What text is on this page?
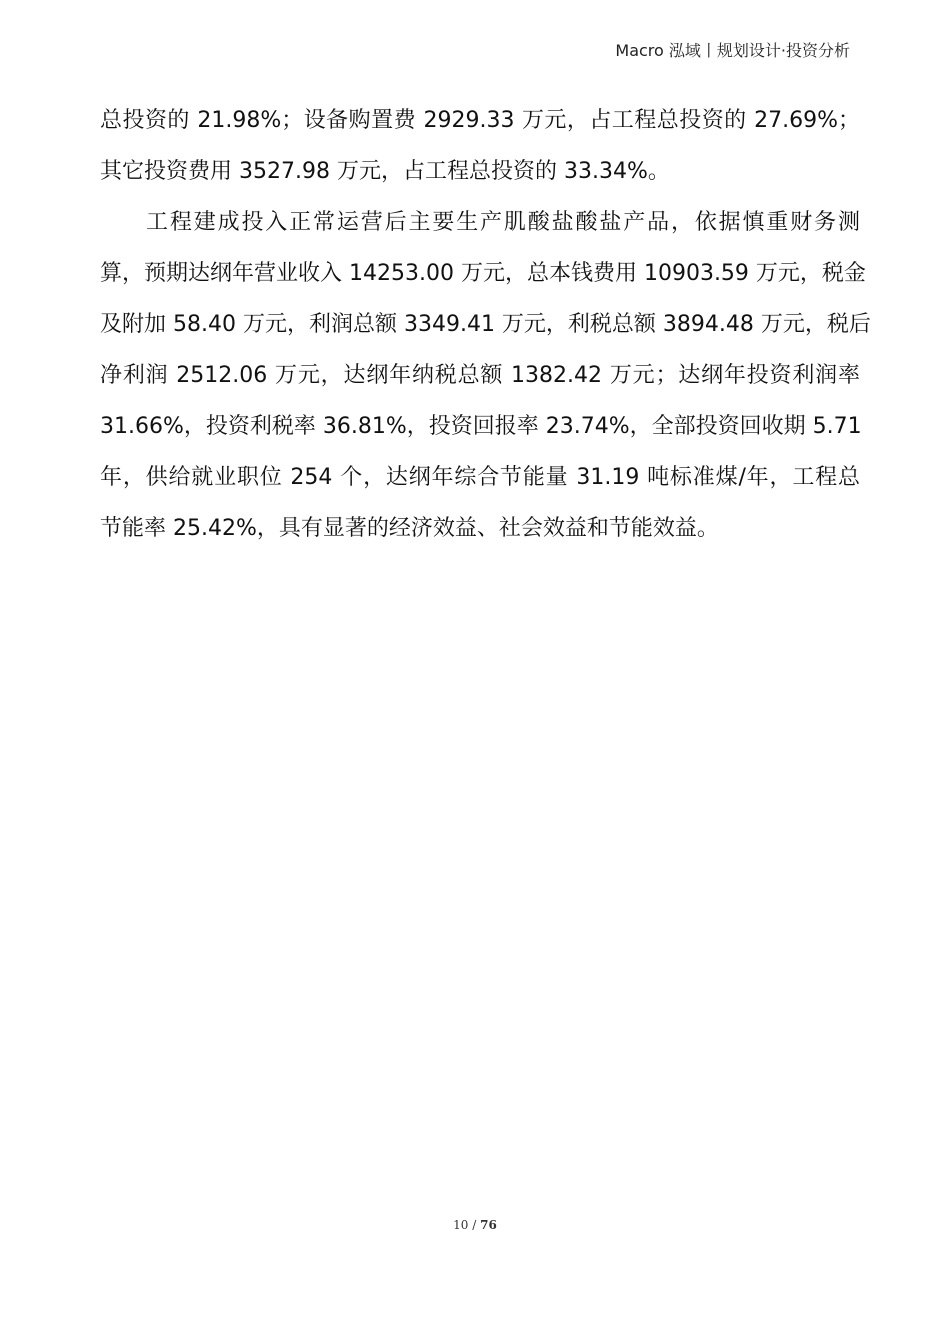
Macro 泓域丨规划设计·投资分析
总投资的 21.98%；设备购置费 2929.33 万元，占工程总投资的 27.69%；
其它投资费用 3527.98 万元，占工程总投资的 33.34%。
工程建成投入正常运营后主要生产肌酸盐酸盐产品，依据慎重财务测
算，预期达纲年营业收入 14253.00 万元，总本钱费用 10903.59 万元，税金
及附加 58.40 万元，利润总额 3349.41 万元，利税总额 3894.48 万元，税后
净利润 2512.06 万元，达纲年纳税总额 1382.42 万元；达纲年投资利润率
31.66%，投资利税率 36.81%，投资回报率 23.74%，全部投资回收期 5.71
年，供给就业职位 254 个，达纲年综合节能量 31.19 吨标准煤/年，工程总
节能率 25.42%，具有显著的经济效益、社会效益和节能效益。
10 / 76
